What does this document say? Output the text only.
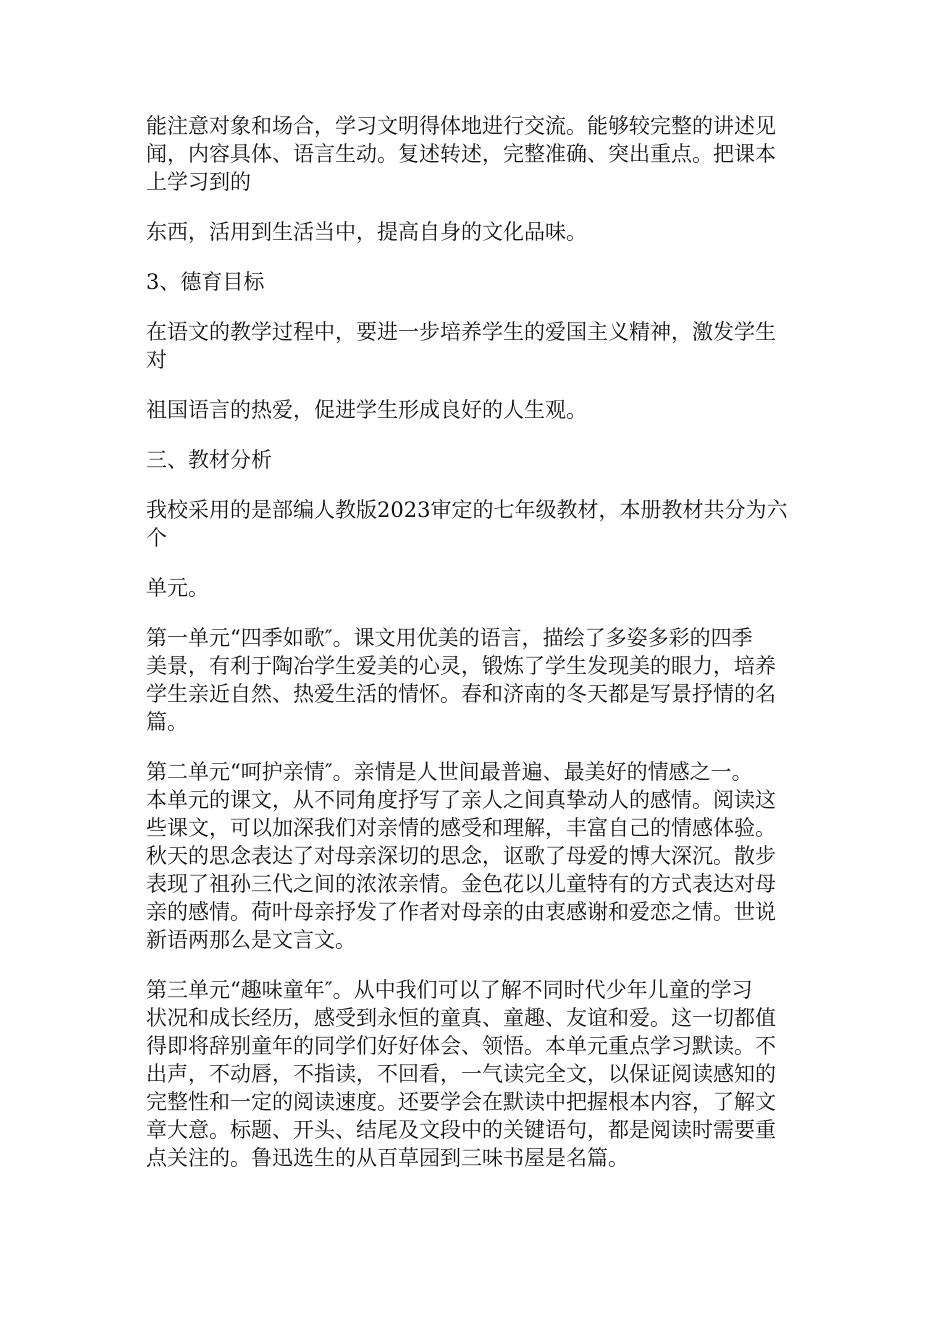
能注意对象和场合，学习文明得体地进行交流。能够较完整的讲述见
闻，内容具体、语言生动。复述转述，完整准确、突出重点。把课本
上学习到的

东西，活用到生活当中，提高自身的文化品味。

3、德育目标

在语文的教学过程中，要进一步培养学生的爱国主义精神，激发学生
对

祖国语言的热爱，促进学生形成良好的人生观。

三、教材分析

我校采用的是部编人教版2023审定的七年级教材，本册教材共分为六
个

单元。

第一单元“四季如歌″。课文用优美的语言，描绘了多姿多彩的四季
美景，有利于陶冶学生爱美的心灵，锻炼了学生发现美的眼力，培养
学生亲近自然、热爱生活的情怀。春和济南的冬天都是写景抒情的名
篇。

第二单元“呵护亲情″。亲情是人世间最普遍、最美好的情感之一。
本单元的课文，从不同角度抒写了亲人之间真挚动人的感情。阅读这
些课文，可以加深我们对亲情的感受和理解，丰富自己的情感体验。
秋天的思念表达了对母亲深切的思念，讴歌了母爱的博大深沉。散步
表现了祖孙三代之间的浓浓亲情。金色花以儿童特有的方式表达对母
亲的感情。荷叶母亲抒发了作者对母亲的由衷感谢和爱恋之情。世说
新语两那么是文言文。

第三单元“趣味童年″。从中我们可以了解不同时代少年儿童的学习
状况和成长经历，感受到永恒的童真、童趣、友谊和爱。这一切都值
得即将辞别童年的同学们好好体会、领悟。本单元重点学习默读。不
出声，不动唇，不指读，不回看，一气读完全文，以保证阅读感知的
完整性和一定的阅读速度。还要学会在默读中把握根本内容，了解文
章大意。标题、开头、结尾及文段中的关键语句，都是阅读时需要重
点关注的。鲁迅选生的从百草园到三味书屋是名篇。
